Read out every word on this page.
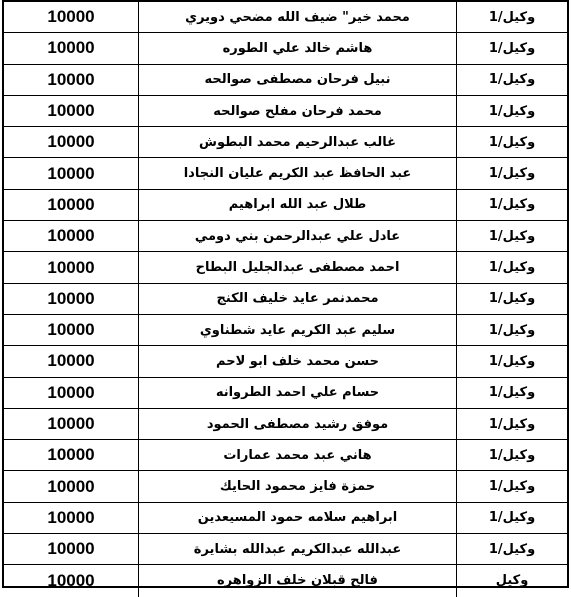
10000	محمد خير" ضيف الله مضحي دويري	وكيل/1
10000	هاشم خالد علي الطوره	وكيل/1
10000	نبيل فرحان مصطفى صوالحه	وكيل/1
10000	محمد فرحان مفلح صوالحه	وكيل/1
10000	غالب عبدالرحيم محمد البطوش	وكيل/1
10000	عبد الحافظ عبد الكريم عليان النجادا	وكيل/1
10000	طلال عبد الله ابراهيم	وكيل/1
10000	عادل علي عبدالرحمن بني دومي	وكيل/1
10000	احمد مصطفى عبدالجليل البطاح	وكيل/1
10000	محمدنمر عايد خليف الكنج	وكيل/1
10000	سليم عبد الكريم عايد شطناوي	وكيل/1
10000	حسن محمد خلف ابو لاحم	وكيل/1
10000	حسام علي احمد الطروانه	وكيل/1
10000	موفق رشيد مصطفى الحمود	وكيل/1
10000	هاني عبد محمد عمارات	وكيل/1
10000	حمزة فايز محمود الحايك	وكيل/1
10000	ابراهيم سلامه حمود المسيعدين	وكيل/1
10000	عبدالله عبدالكريم عبدالله بشايرة	وكيل/1
10000	فالح قبلان خلف الزواهره	وكيل
